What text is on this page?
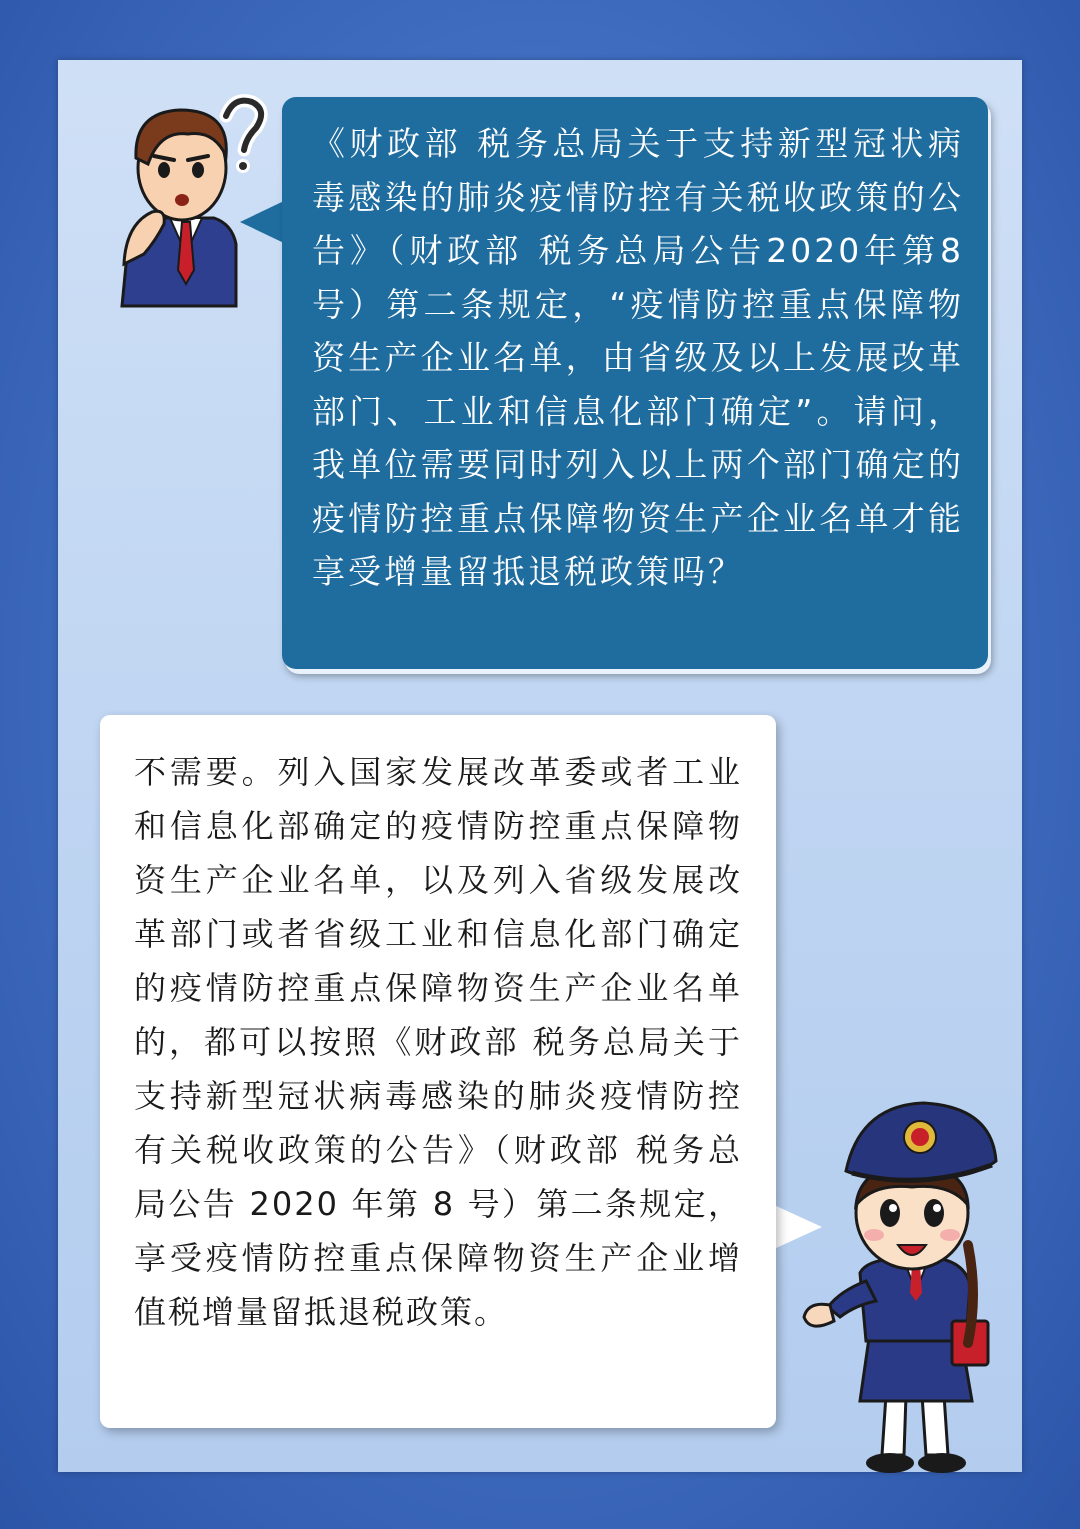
《财政部 税务总局关于支持新型冠状病毒感染的肺炎疫情防控有关税收政策的公告》（财政部 税务总局公告2020年第8号）第二条规定，“疫情防控重点保障物资生产企业名单，由省级及以上发展改革部门、工业和信息化部门确定”。请问，我单位需要同时列入以上两个部门确定的疫情防控重点保障物资生产企业名单才能享受增量留抵退税政策吗？
不需要。列入国家发展改革委或者工业和信息化部确定的疫情防控重点保障物资生产企业名单，以及列入省级发展改革部门或者省级工业和信息化部门确定的疫情防控重点保障物资生产企业名单的，都可以按照《财政部 税务总局关于支持新型冠状病毒感染的肺炎疫情防控有关税收政策的公告》（财政部 税务总局公告 2020 年第 8 号）第二条规定，享受疫情防控重点保障物资生产企业增值税增量留抵退税政策。
